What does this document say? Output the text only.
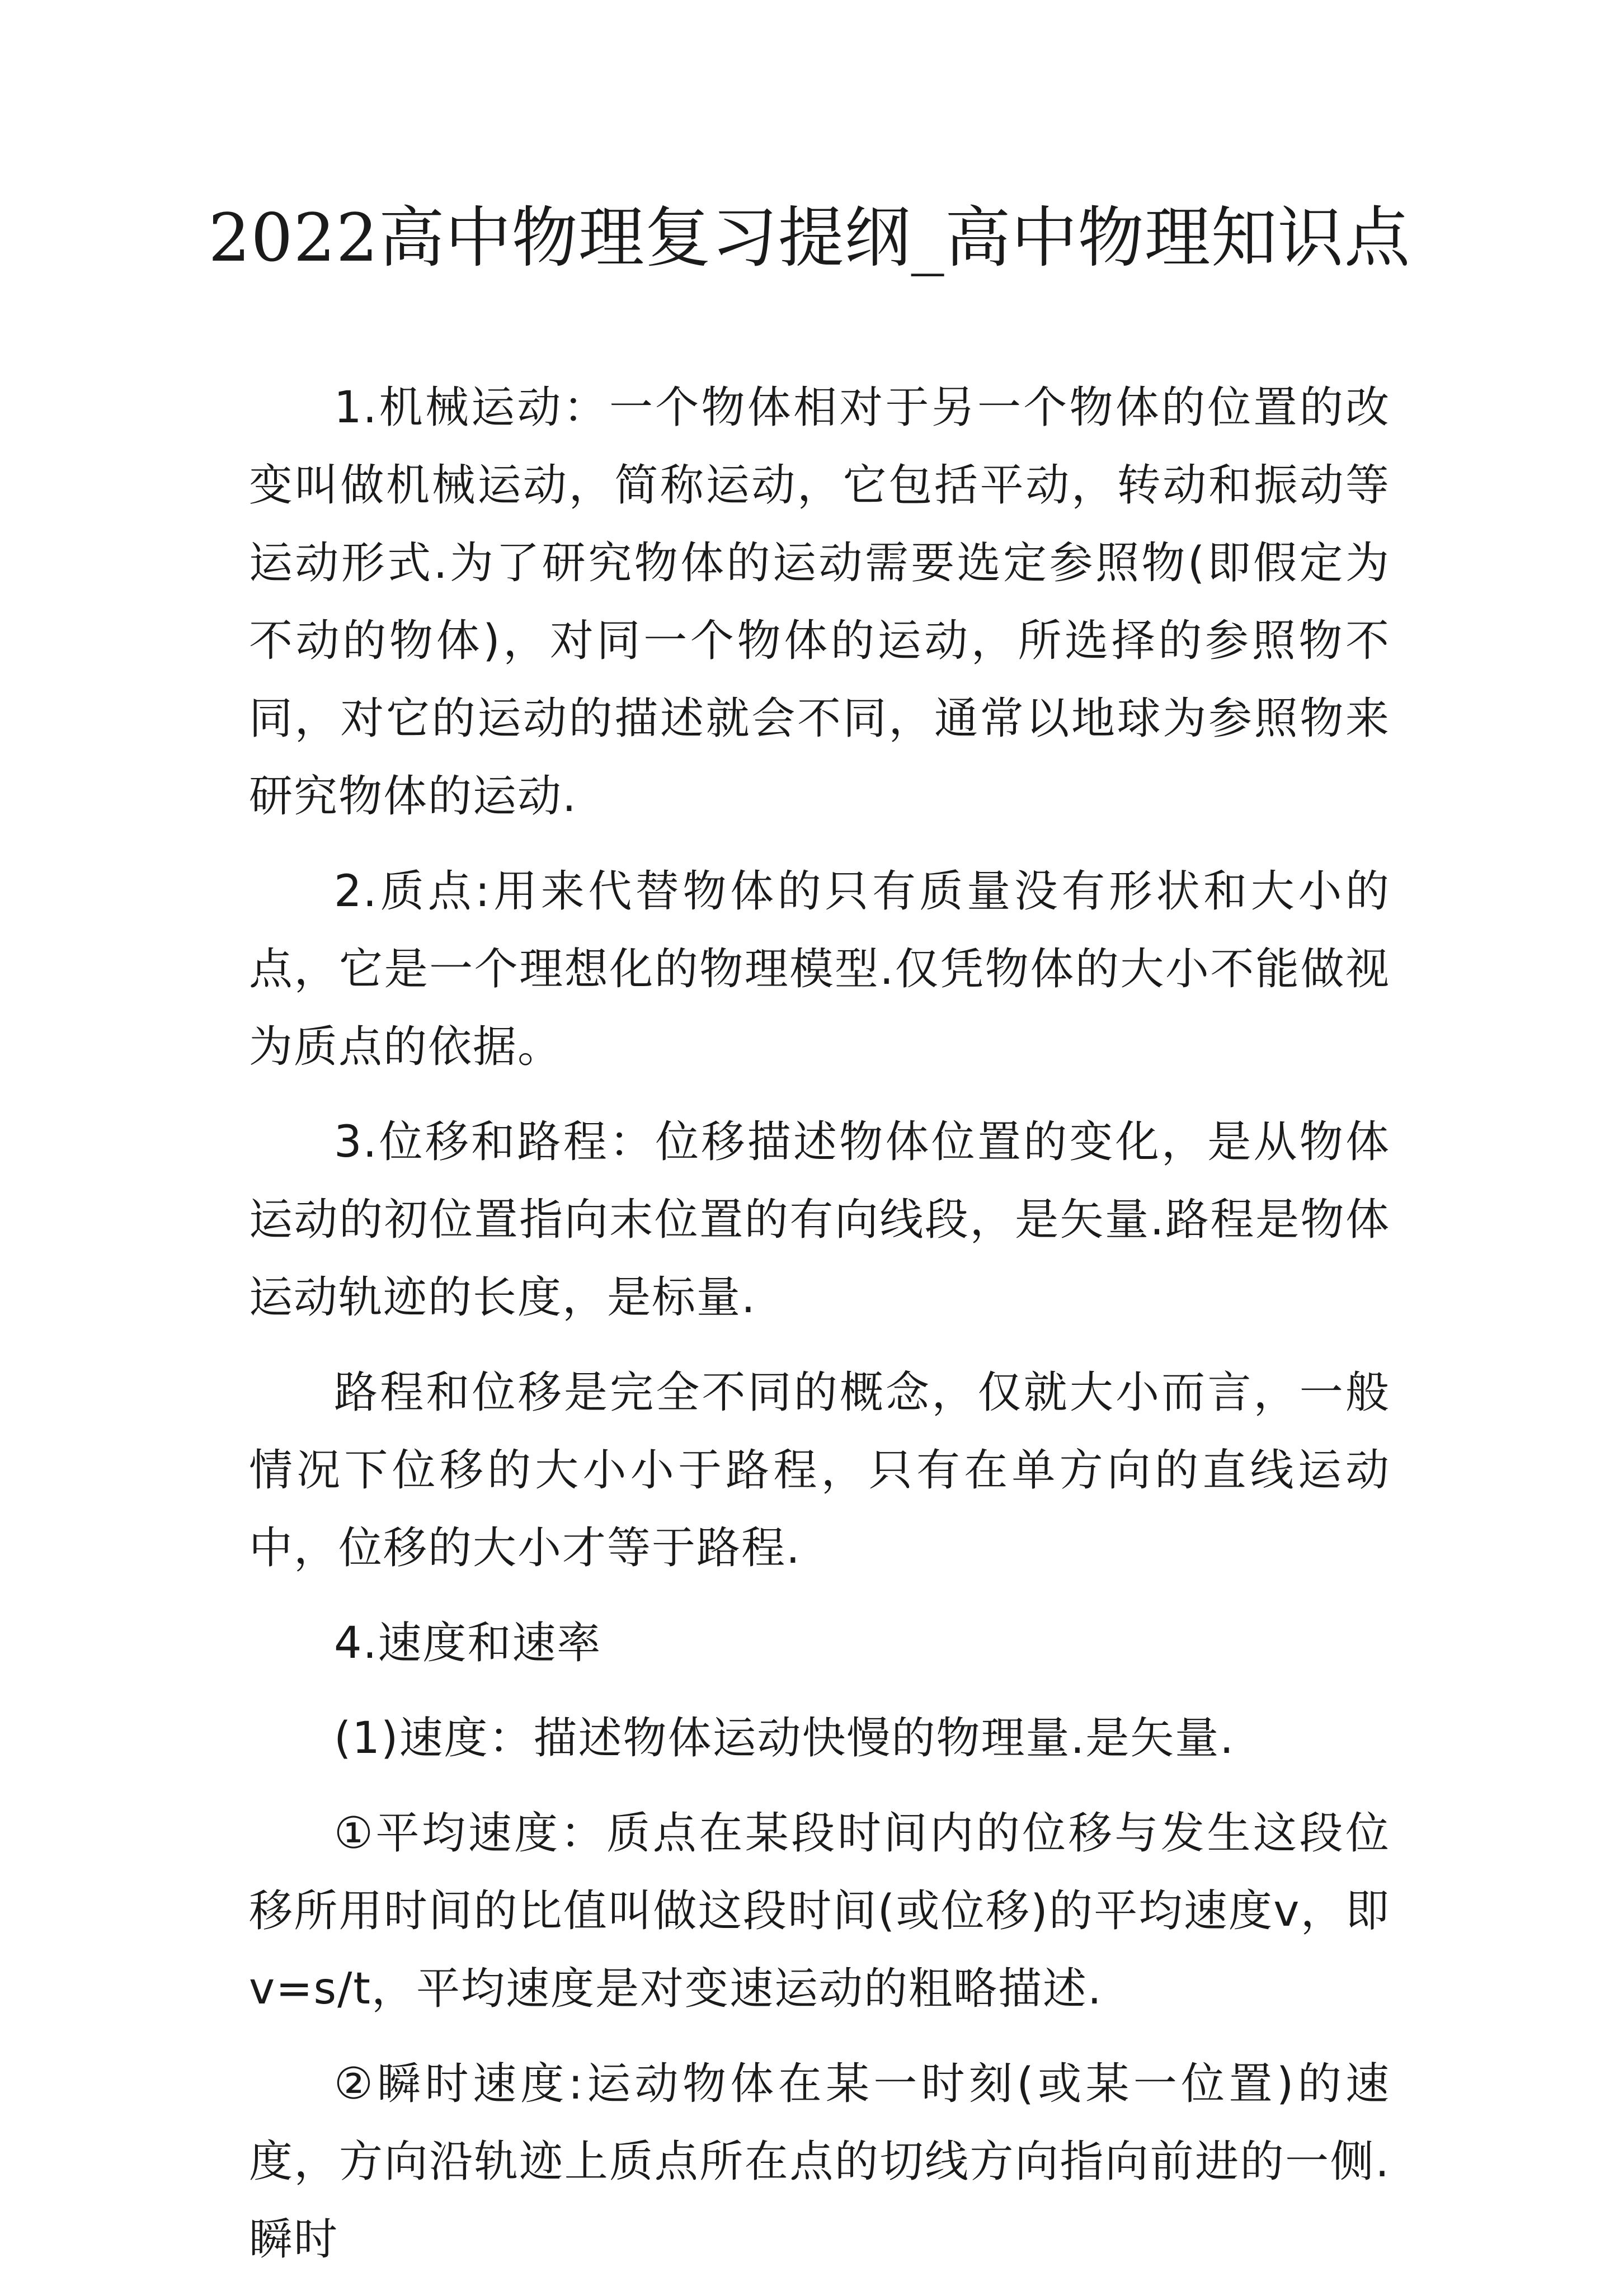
2022高中物理复习提纲_高中物理知识点

1.机械运动：一个物体相对于另一个物体的位置的改变叫做机械运动，简称运动，它包括平动，转动和振动等运动形式.为了研究物体的运动需要选定参照物(即假定为不动的物体)，对同一个物体的运动，所选择的参照物不同，对它的运动的描述就会不同，通常以地球为参照物来研究物体的运动.

2.质点:用来代替物体的只有质量没有形状和大小的点，它是一个理想化的物理模型.仅凭物体的大小不能做视为质点的依据。

3.位移和路程：位移描述物体位置的变化，是从物体运动的初位置指向末位置的有向线段，是矢量.路程是物体运动轨迹的长度，是标量.

路程和位移是完全不同的概念，仅就大小而言，一般情况下位移的大小小于路程，只有在单方向的直线运动中，位移的大小才等于路程.

4.速度和速率

(1)速度：描述物体运动快慢的物理量.是矢量.

①平均速度：质点在某段时间内的位移与发生这段位移所用时间的比值叫做这段时间(或位移)的平均速度v，即v=s/t，平均速度是对变速运动的粗略描述.

②瞬时速度:运动物体在某一时刻(或某一位置)的速度，方向沿轨迹上质点所在点的切线方向指向前进的一侧.瞬时
